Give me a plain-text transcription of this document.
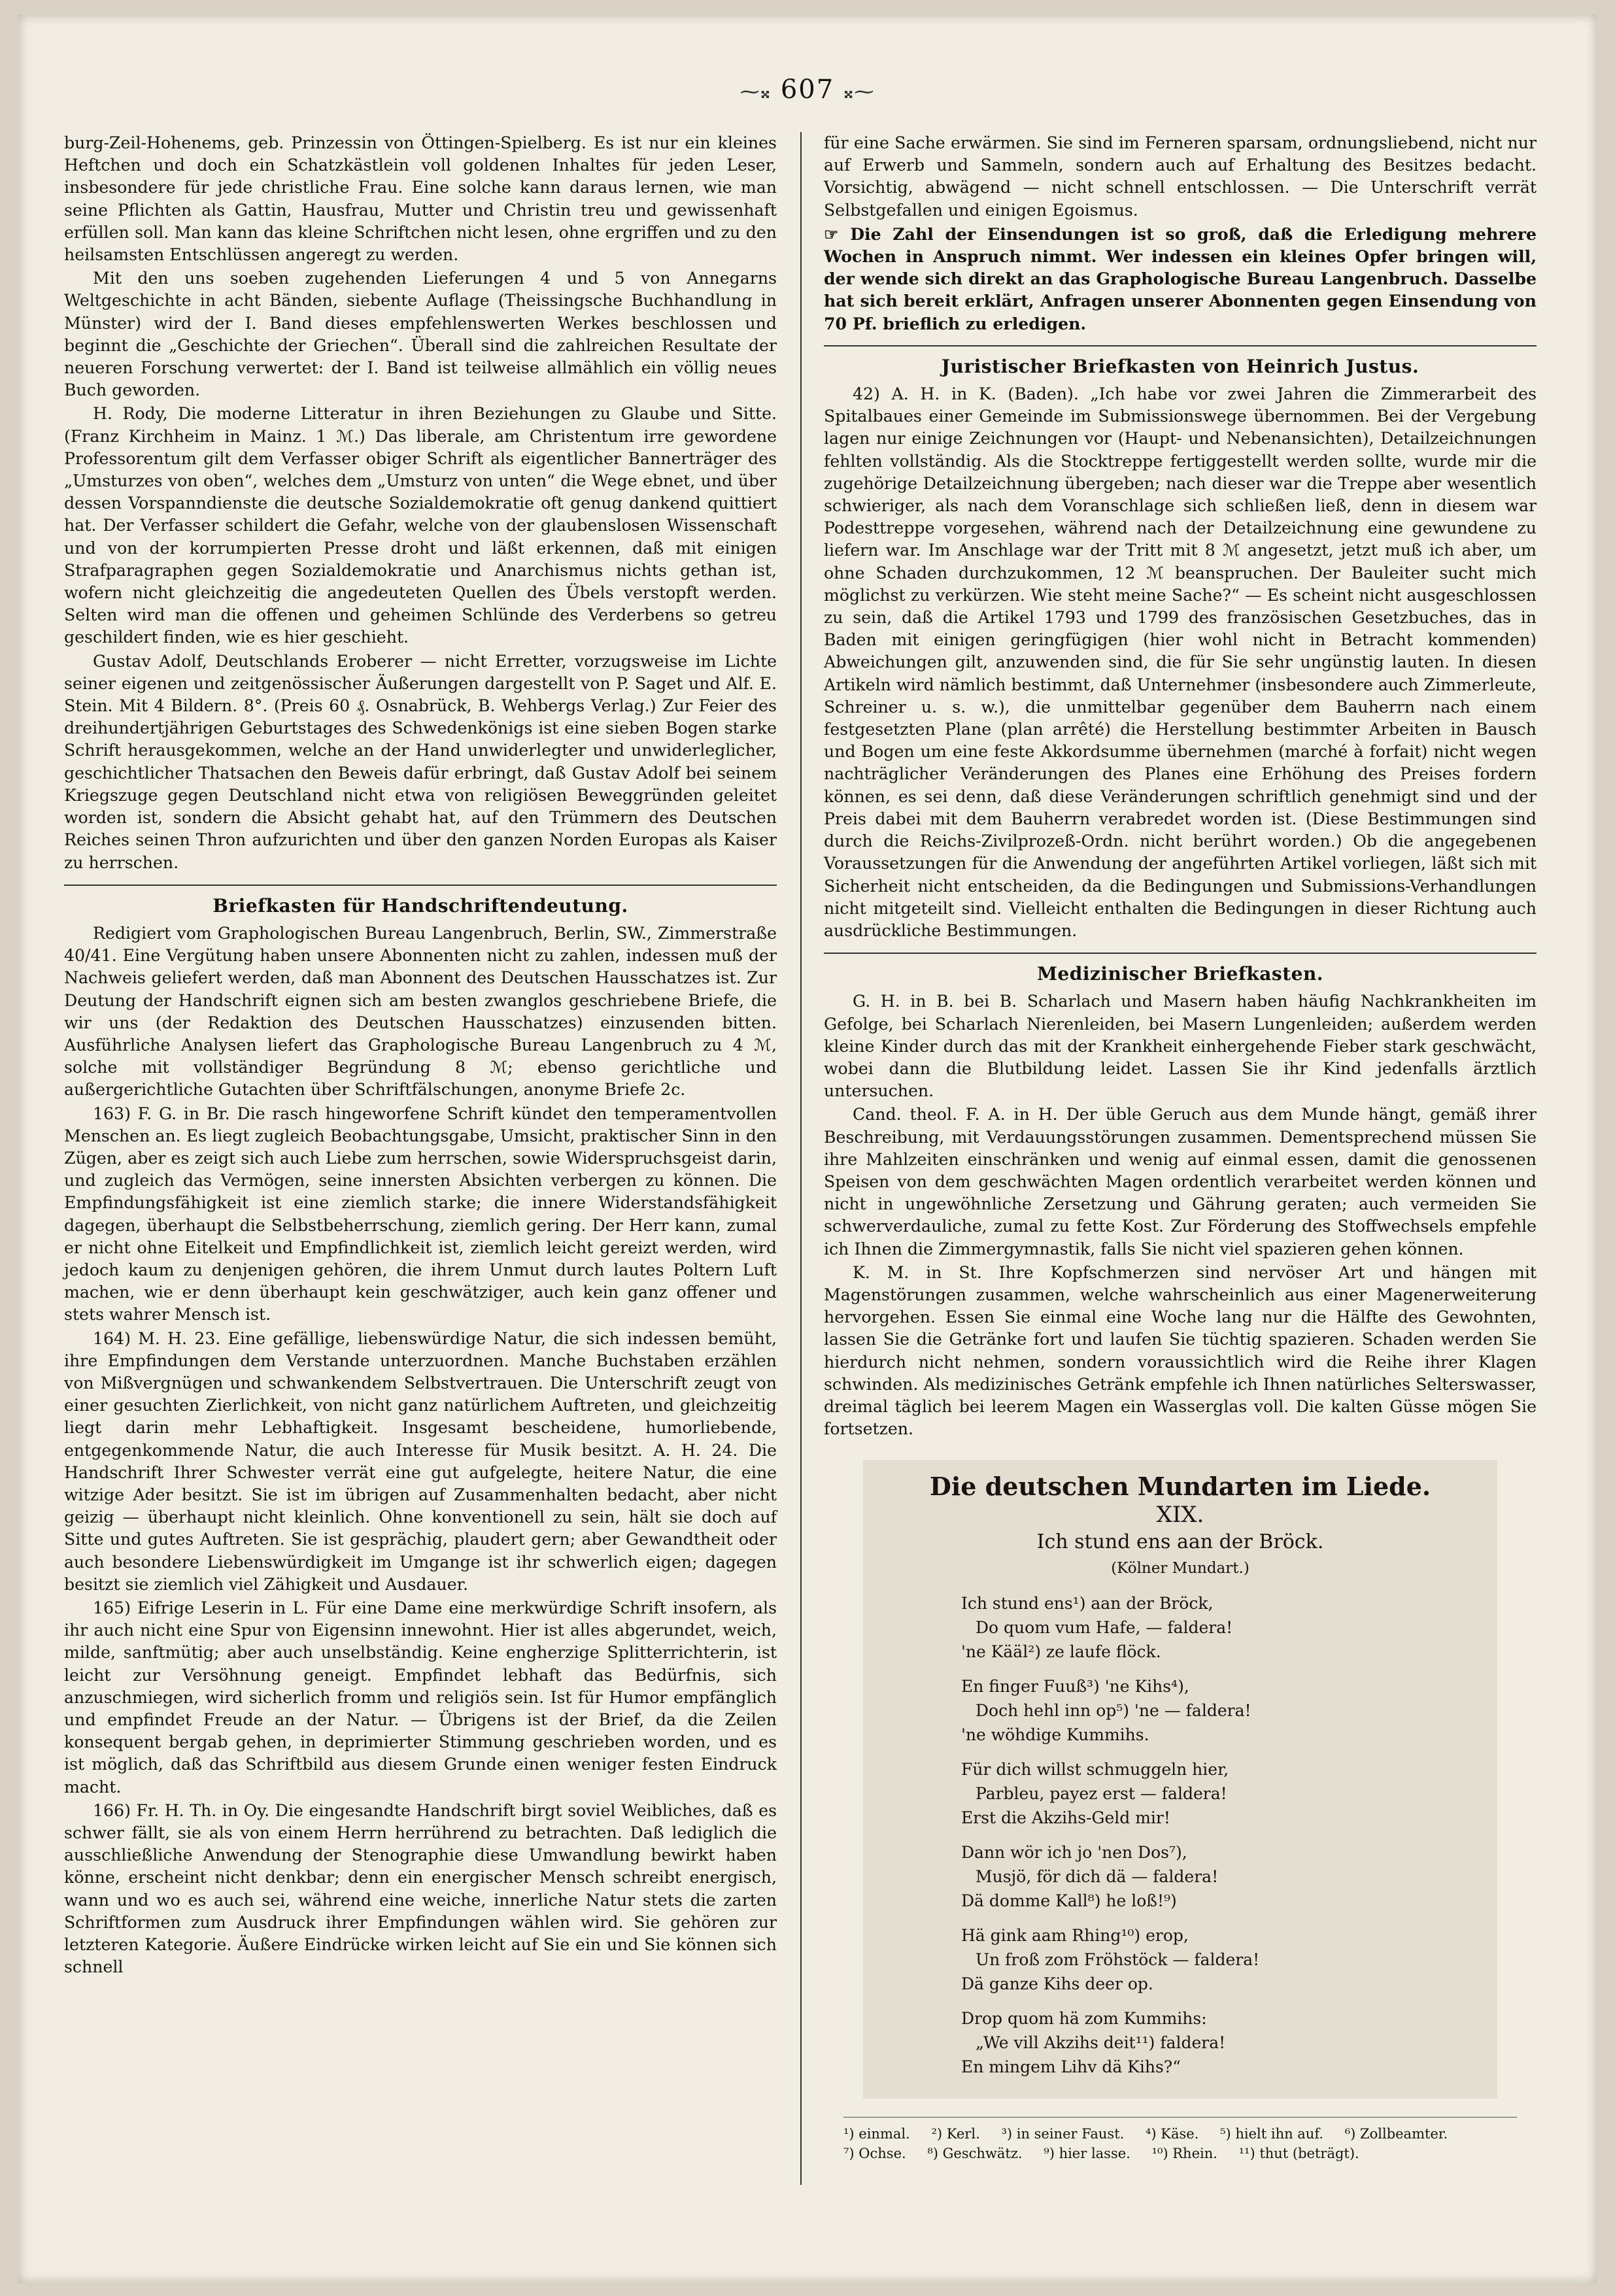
⁓𝄪 607 𝄪⁓

burg-Zeil-Hohenems, geb. Prinzessin von Öttingen-Spielberg. Es ist nur ein kleines Heftchen und doch ein Schatzkästlein voll goldenen Inhaltes für jeden Leser, insbesondere für jede christliche Frau. Eine solche kann daraus lernen, wie man seine Pflichten als Gattin, Hausfrau, Mutter und Christin treu und gewissenhaft erfüllen soll. Man kann das kleine Schriftchen nicht lesen, ohne ergriffen und zu den heilsamsten Entschlüssen angeregt zu werden.

Mit den uns soeben zugehenden Lieferungen 4 und 5 von Annegarns Weltgeschichte in acht Bänden, siebente Auflage (Theissingsche Buchhandlung in Münster) wird der I. Band dieses empfehlenswerten Werkes beschlossen und beginnt die „Geschichte der Griechen“. Überall sind die zahlreichen Resultate der neueren Forschung verwertet: der I. Band ist teilweise allmählich ein völlig neues Buch geworden.

H. Rody, Die moderne Litteratur in ihren Beziehungen zu Glaube und Sitte. (Franz Kirchheim in Mainz. 1 ℳ.) Das liberale, am Christentum irre gewordene Professorentum gilt dem Verfasser obiger Schrift als eigentlicher Bannerträger des „Umsturzes von oben“, welches dem „Umsturz von unten“ die Wege ebnet, und über dessen Vorspanndienste die deutsche Sozialdemokratie oft genug dankend quittiert hat. Der Verfasser schildert die Gefahr, welche von der glaubenslosen Wissenschaft und von der korrumpierten Presse droht und läßt erkennen, daß mit einigen Strafparagraphen gegen Sozialdemokratie und Anarchismus nichts gethan ist, wofern nicht gleichzeitig die angedeuteten Quellen des Übels verstopft werden. Selten wird man die offenen und geheimen Schlünde des Verderbens so getreu geschildert finden, wie es hier geschieht.

Gustav Adolf, Deutschlands Eroberer — nicht Erretter, vorzugsweise im Lichte seiner eigenen und zeitgenössischer Äußerungen dargestellt von P. Saget und Alf. E. Stein. Mit 4 Bildern. 8°. (Preis 60 ₰. Osnabrück, B. Wehbergs Verlag.) Zur Feier des dreihundertjährigen Geburtstages des Schwedenkönigs ist eine sieben Bogen starke Schrift herausgekommen, welche an der Hand unwiderlegter und unwiderleglicher, geschichtlicher Thatsachen den Beweis dafür erbringt, daß Gustav Adolf bei seinem Kriegszuge gegen Deutschland nicht etwa von religiösen Beweggründen geleitet worden ist, sondern die Absicht gehabt hat, auf den Trümmern des Deutschen Reiches seinen Thron aufzurichten und über den ganzen Norden Europas als Kaiser zu herrschen.

Briefkasten für Handschriftendeutung.

Redigiert vom Graphologischen Bureau Langenbruch, Berlin, SW., Zimmerstraße 40/41. Eine Vergütung haben unsere Abonnenten nicht zu zahlen, indessen muß der Nachweis geliefert werden, daß man Abonnent des Deutschen Hausschatzes ist. Zur Deutung der Handschrift eignen sich am besten zwanglos geschriebene Briefe, die wir uns (der Redaktion des Deutschen Hausschatzes) einzusenden bitten. Ausführliche Analysen liefert das Graphologische Bureau Langenbruch zu 4 ℳ, solche mit vollständiger Begründung 8 ℳ; ebenso gerichtliche und außergerichtliche Gutachten über Schriftfälschungen, anonyme Briefe 2c.

163) F. G. in Br. Die rasch hingeworfene Schrift kündet den temperamentvollen Menschen an. Es liegt zugleich Beobachtungsgabe, Umsicht, praktischer Sinn in den Zügen, aber es zeigt sich auch Liebe zum herrschen, sowie Widerspruchsgeist darin, und zugleich das Vermögen, seine innersten Absichten verbergen zu können. Die Empfindungsfähigkeit ist eine ziemlich starke; die innere Widerstandsfähigkeit dagegen, überhaupt die Selbstbeherrschung, ziemlich gering. Der Herr kann, zumal er nicht ohne Eitelkeit und Empfindlichkeit ist, ziemlich leicht gereizt werden, wird jedoch kaum zu denjenigen gehören, die ihrem Unmut durch lautes Poltern Luft machen, wie er denn überhaupt kein geschwätziger, auch kein ganz offener und stets wahrer Mensch ist.

164) M. H. 23. Eine gefällige, liebenswürdige Natur, die sich indessen bemüht, ihre Empfindungen dem Verstande unterzuordnen. Manche Buchstaben erzählen von Mißvergnügen und schwankendem Selbstvertrauen. Die Unterschrift zeugt von einer gesuchten Zierlichkeit, von nicht ganz natürlichem Auftreten, und gleichzeitig liegt darin mehr Lebhaftigkeit. Insgesamt bescheidene, humorliebende, entgegenkommende Natur, die auch Interesse für Musik besitzt. A. H. 24. Die Handschrift Ihrer Schwester verrät eine gut aufgelegte, heitere Natur, die eine witzige Ader besitzt. Sie ist im übrigen auf Zusammenhalten bedacht, aber nicht geizig — überhaupt nicht kleinlich. Ohne konventionell zu sein, hält sie doch auf Sitte und gutes Auftreten. Sie ist gesprächig, plaudert gern; aber Gewandtheit oder auch besondere Liebenswürdigkeit im Umgange ist ihr schwerlich eigen; dagegen besitzt sie ziemlich viel Zähigkeit und Ausdauer.

165) Eifrige Leserin in L. Für eine Dame eine merkwürdige Schrift insofern, als ihr auch nicht eine Spur von Eigensinn innewohnt. Hier ist alles abgerundet, weich, milde, sanftmütig; aber auch unselbständig. Keine engherzige Splitterrichterin, ist leicht zur Versöhnung geneigt. Empfindet lebhaft das Bedürfnis, sich anzuschmiegen, wird sicherlich fromm und religiös sein. Ist für Humor empfänglich und empfindet Freude an der Natur. — Übrigens ist der Brief, da die Zeilen konsequent bergab gehen, in deprimierter Stimmung geschrieben worden, und es ist möglich, daß das Schriftbild aus diesem Grunde einen weniger festen Eindruck macht.

166) Fr. H. Th. in Oy. Die eingesandte Handschrift birgt soviel Weibliches, daß es schwer fällt, sie als von einem Herrn herrührend zu betrachten. Daß lediglich die ausschließliche Anwendung der Stenographie diese Umwandlung bewirkt haben könne, erscheint nicht denkbar; denn ein energischer Mensch schreibt energisch, wann und wo es auch sei, während eine weiche, innerliche Natur stets die zarten Schriftformen zum Ausdruck ihrer Empfindungen wählen wird. Sie gehören zur letzteren Kategorie. Äußere Eindrücke wirken leicht auf Sie ein und Sie können sich schnell

für eine Sache erwärmen. Sie sind im Ferneren sparsam, ordnungsliebend, nicht nur auf Erwerb und Sammeln, sondern auch auf Erhaltung des Besitzes bedacht. Vorsichtig, abwägend — nicht schnell entschlossen. — Die Unterschrift verrät Selbstgefallen und einigen Egoismus.

☞ Die Zahl der Einsendungen ist so groß, daß die Erledigung mehrere Wochen in Anspruch nimmt. Wer indessen ein kleines Opfer bringen will, der wende sich direkt an das Graphologische Bureau Langenbruch. Dasselbe hat sich bereit erklärt, Anfragen unserer Abonnenten gegen Einsendung von 70 Pf. brieflich zu erledigen.

Juristischer Briefkasten von Heinrich Justus.

42) A. H. in K. (Baden). „Ich habe vor zwei Jahren die Zimmerarbeit des Spitalbaues einer Gemeinde im Submissionswege übernommen. Bei der Vergebung lagen nur einige Zeichnungen vor (Haupt- und Nebenansichten), Detailzeichnungen fehlten vollständig. Als die Stocktreppe fertiggestellt werden sollte, wurde mir die zugehörige Detailzeichnung übergeben; nach dieser war die Treppe aber wesentlich schwieriger, als nach dem Voranschlage sich schließen ließ, denn in diesem war Podesttreppe vorgesehen, während nach der Detailzeichnung eine gewundene zu liefern war. Im Anschlage war der Tritt mit 8 ℳ angesetzt, jetzt muß ich aber, um ohne Schaden durchzukommen, 12 ℳ beanspruchen. Der Bauleiter sucht mich möglichst zu verkürzen. Wie steht meine Sache?“ — Es scheint nicht ausgeschlossen zu sein, daß die Artikel 1793 und 1799 des französischen Gesetzbuches, das in Baden mit einigen geringfügigen (hier wohl nicht in Betracht kommenden) Abweichungen gilt, anzuwenden sind, die für Sie sehr ungünstig lauten. In diesen Artikeln wird nämlich bestimmt, daß Unternehmer (insbesondere auch Zimmerleute, Schreiner u. s. w.), die unmittelbar gegenüber dem Bauherrn nach einem festgesetzten Plane (plan arrêté) die Herstellung bestimmter Arbeiten in Bausch und Bogen um eine feste Akkordsumme übernehmen (marché à forfait) nicht wegen nachträglicher Veränderungen des Planes eine Erhöhung des Preises fordern können, es sei denn, daß diese Veränderungen schriftlich genehmigt sind und der Preis dabei mit dem Bauherrn verabredet worden ist. (Diese Bestimmungen sind durch die Reichs-Zivilprozeß-Ordn. nicht berührt worden.) Ob die angegebenen Voraussetzungen für die Anwendung der angeführten Artikel vorliegen, läßt sich mit Sicherheit nicht entscheiden, da die Bedingungen und Submissions-Verhandlungen nicht mitgeteilt sind. Vielleicht enthalten die Bedingungen in dieser Richtung auch ausdrückliche Bestimmungen.

Medizinischer Briefkasten.

G. H. in B. bei B. Scharlach und Masern haben häufig Nachkrankheiten im Gefolge, bei Scharlach Nierenleiden, bei Masern Lungenleiden; außerdem werden kleine Kinder durch das mit der Krankheit einhergehende Fieber stark geschwächt, wobei dann die Blutbildung leidet. Lassen Sie ihr Kind jedenfalls ärztlich untersuchen.

Cand. theol. F. A. in H. Der üble Geruch aus dem Munde hängt, gemäß ihrer Beschreibung, mit Verdauungsstörungen zusammen. Dementsprechend müssen Sie ihre Mahlzeiten einschränken und wenig auf einmal essen, damit die genossenen Speisen von dem geschwächten Magen ordentlich verarbeitet werden können und nicht in ungewöhnliche Zersetzung und Gährung geraten; auch vermeiden Sie schwerverdauliche, zumal zu fette Kost. Zur Förderung des Stoffwechsels empfehle ich Ihnen die Zimmergymnastik, falls Sie nicht viel spazieren gehen können.

K. M. in St. Ihre Kopfschmerzen sind nervöser Art und hängen mit Magenstörungen zusammen, welche wahrscheinlich aus einer Magenerweiterung hervorgehen. Essen Sie einmal eine Woche lang nur die Hälfte des Gewohnten, lassen Sie die Getränke fort und laufen Sie tüchtig spazieren. Schaden werden Sie hierdurch nicht nehmen, sondern voraussichtlich wird die Reihe ihrer Klagen schwinden. Als medizinisches Getränk empfehle ich Ihnen natürliches Selterswasser, dreimal täglich bei leerem Magen ein Wasserglas voll. Die kalten Güsse mögen Sie fortsetzen.

Die deutschen Mundarten im Liede.
XIX.
Ich stund ens aan der Bröck.
(Kölner Mundart.)
Ich stund ens¹) aan der Bröck,
Do quom vum Hafe, — faldera!
'ne Kääl²) ze laufe flöck.
En finger Fuuß³) 'ne Kihs⁴),
Doch hehl inn op⁵) 'ne — faldera!
'ne wöhdige Kummihs.
Für dich willst schmuggeln hier,
Parbleu, payez erst — faldera!
Erst die Akzihs-Geld mir!
Dann wör ich jo 'nen Dos⁷),
Musjö, för dich dä — faldera!
Dä domme Kall⁸) he loß!⁹)
Hä gink aam Rhing¹⁰) erop,
Un froß zom Fröhstöck — faldera!
Dä ganze Kihs deer op.
Drop quom hä zom Kummihs:
„We vill Akzihs deit¹¹) faldera!
En mingem Lihv dä Kihs?“
¹) einmal. ²) Kerl. ³) in seiner Faust. ⁴) Käse. ⁵) hielt ihn auf. ⁶) Zollbeamter.
⁷) Ochse. ⁸) Geschwätz. ⁹) hier lasse. ¹⁰) Rhein. ¹¹) thut (beträgt).
